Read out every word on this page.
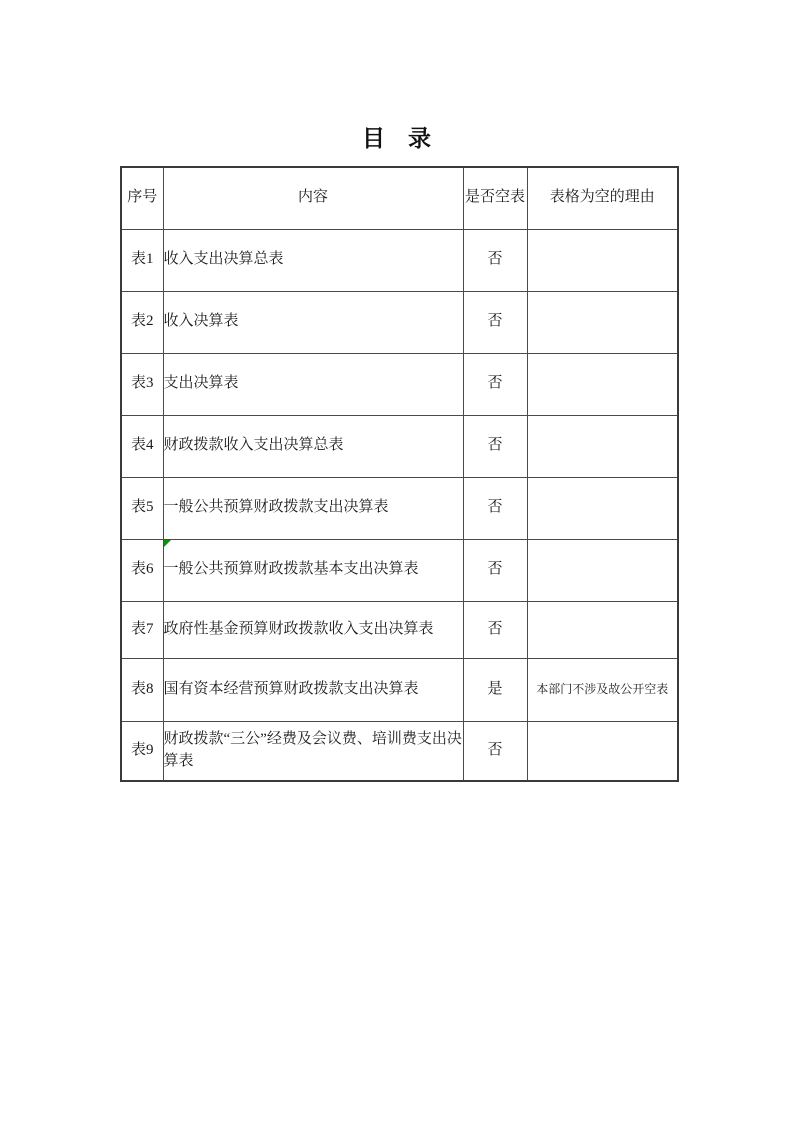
目　录
序号	内容	是否空表	表格为空的理由
表1	收入支出决算总表	否	
表2	收入决算表	否	
表3	支出决算表	否	
表4	财政拨款收入支出决算总表	否	
表5	一般公共预算财政拨款支出决算表	否	
表6	一般公共预算财政拨款基本支出决算表	否	
表7	政府性基金预算财政拨款收入支出决算表	否	
表8	国有资本经营预算财政拨款支出决算表	是	本部门不涉及故公开空表
表9	财政拨款“三公”经费及会议费、培训费支出决算表	否	
